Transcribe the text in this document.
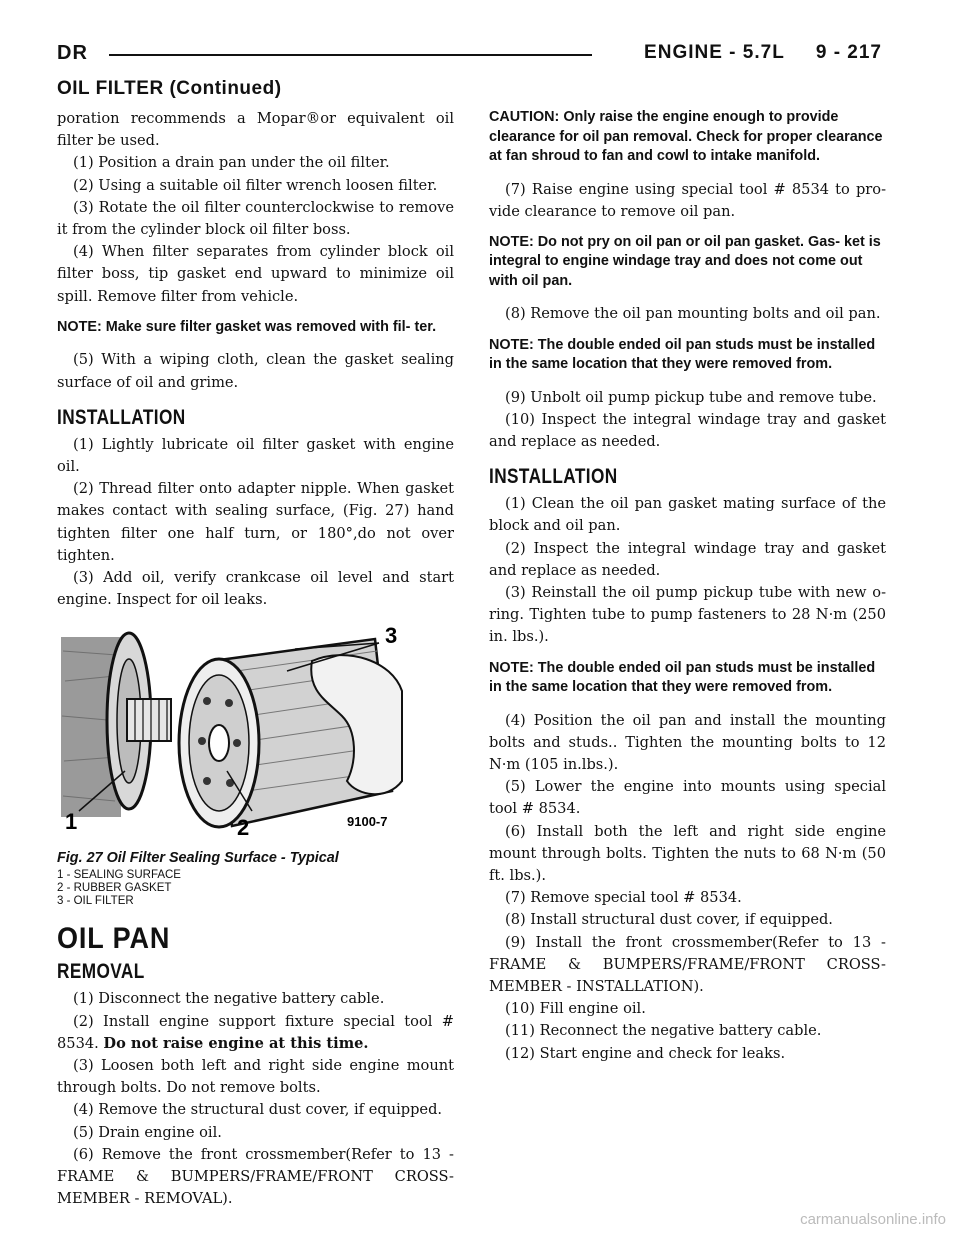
DR	ENGINE - 5.7L     9 - 217
OIL FILTER (Continued)

poration recommends a Mopar®or equivalent oil filter be used.

(1) Position a drain pan under the oil filter.

(2) Using a suitable oil filter wrench loosen filter.

(3) Rotate the oil filter counterclockwise to remove it from the cylinder block oil filter boss.

(4) When filter separates from cylinder block oil filter boss, tip gasket end upward to minimize oil spill. Remove filter from vehicle.

NOTE: Make sure filter gasket was removed with fil- ter.

(5) With a wiping cloth, clean the gasket sealing surface of oil and grime.

INSTALLATION

(1) Lightly lubricate oil filter gasket with engine oil.

(2) Thread filter onto adapter nipple. When gasket makes contact with sealing surface, (Fig. 27) hand tighten filter one half turn, or 180°,do not over tighten.

(3) Add oil, verify crankcase oil level and start engine. Inspect for oil leaks.

1	2
3
9100-7
Fig. 27 Oil Filter Sealing Surface - Typical
1 - SEALING SURFACE
2 - RUBBER GASKET
3 - OIL FILTER
OIL PAN
REMOVAL

(1) Disconnect the negative battery cable.

(2) Install engine support fixture special tool # 8534. Do not raise engine at this time.

(3) Loosen both left and right side engine mount through bolts. Do not remove bolts.

(4) Remove the structural dust cover, if equipped.

(5) Drain engine oil.

(6) Remove the front crossmember(Refer to 13 - FRAME & BUMPERS/FRAME/FRONT CROSS- MEMBER - REMOVAL).

CAUTION: Only raise the engine enough to provide clearance for oil pan removal. Check for proper clearance at fan shroud to fan and cowl to intake manifold.

(7) Raise engine using special tool # 8534 to pro- vide clearance to remove oil pan.

NOTE: Do not pry on oil pan or oil pan gasket. Gas- ket is integral to engine windage tray and does not come out with oil pan.

(8) Remove the oil pan mounting bolts and oil pan.

NOTE: The double ended oil pan studs must be installed in the same location that they were removed from.

(9) Unbolt oil pump pickup tube and remove tube.

(10) Inspect the integral windage tray and gasket and replace as needed.

INSTALLATION

(1) Clean the oil pan gasket mating surface of the block and oil pan.

(2) Inspect the integral windage tray and gasket and replace as needed.

(3) Reinstall the oil pump pickup tube with new o-ring. Tighten tube to pump fasteners to 28 N·m (250 in. lbs.).

NOTE: The double ended oil pan studs must be installed in the same location that they were removed from.

(4) Position the oil pan and install the mounting bolts and studs.. Tighten the mounting bolts to 12 N·m (105 in.lbs.).

(5) Lower the engine into mounts using special tool # 8534.

(6) Install both the left and right side engine mount through bolts. Tighten the nuts to 68 N·m (50 ft. lbs.).

(7) Remove special tool # 8534.

(8) Install structural dust cover, if equipped.

(9) Install the front crossmember(Refer to 13 - FRAME & BUMPERS/FRAME/FRONT CROSS- MEMBER - INSTALLATION).

(10) Fill engine oil.

(11) Reconnect the negative battery cable.

(12) Start engine and check for leaks.

carmanualsonline.info
